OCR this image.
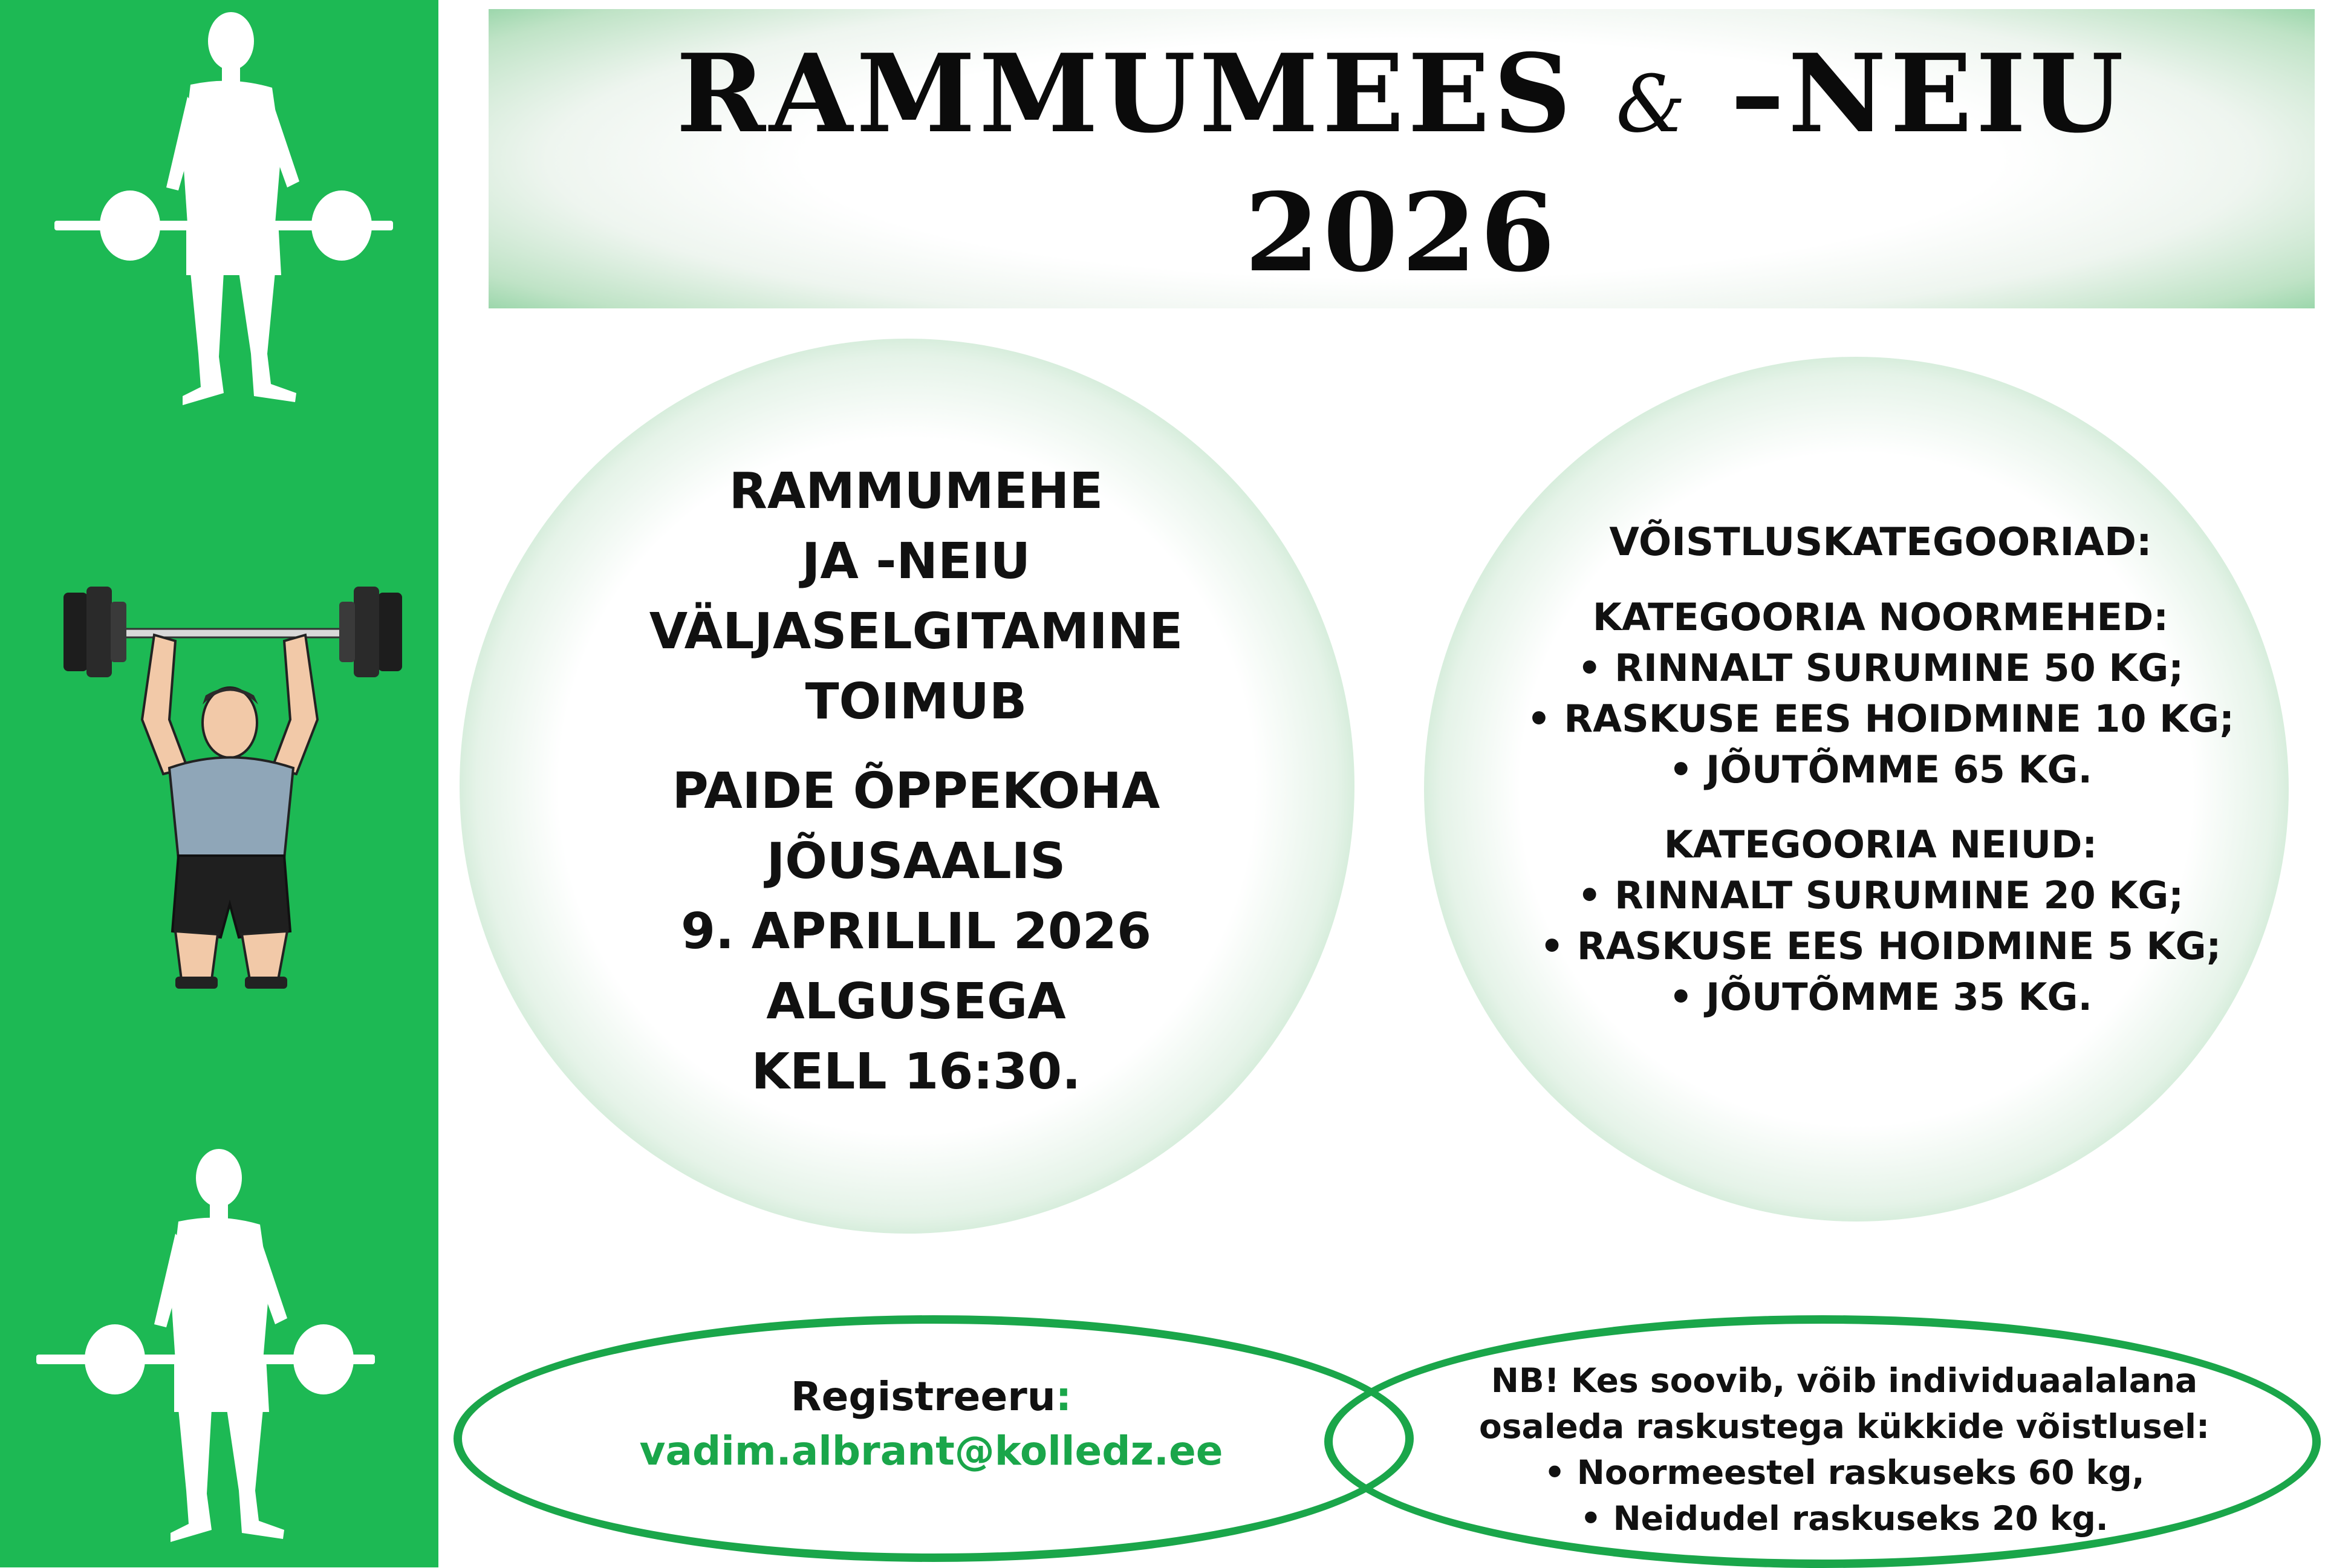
RAMMUMEES & –NEIU
2026
RAMMUMEHE
JA -NEIU
VÄLJASELGITAMINE
TOIMUB
PAIDE ÕPPEKOHA
JÕUSAALIS
9. APRILLIL 2026
ALGUSEGA
KELL 16:30.
VÕISTLUSKATEGOORIAD:
KATEGOORIA NOORMEHED:
• RINNALT SURUMINE 50 KG;
• RASKUSE EES HOIDMINE 10 KG;
• JÕUTÕMME 65 KG.
KATEGOORIA NEIUD:
• RINNALT SURUMINE 20 KG;
• RASKUSE EES HOIDMINE 5 KG;
• JÕUTÕMME 35 KG.
Registreeru:
vadim.albrant@kolledz.ee
NB! Kes soovib, võib individuaalalana
osaleda raskustega kükkide võistlusel:
• Noormeestel raskuseks 60 kg,
• Neidudel raskuseks 20 kg.
